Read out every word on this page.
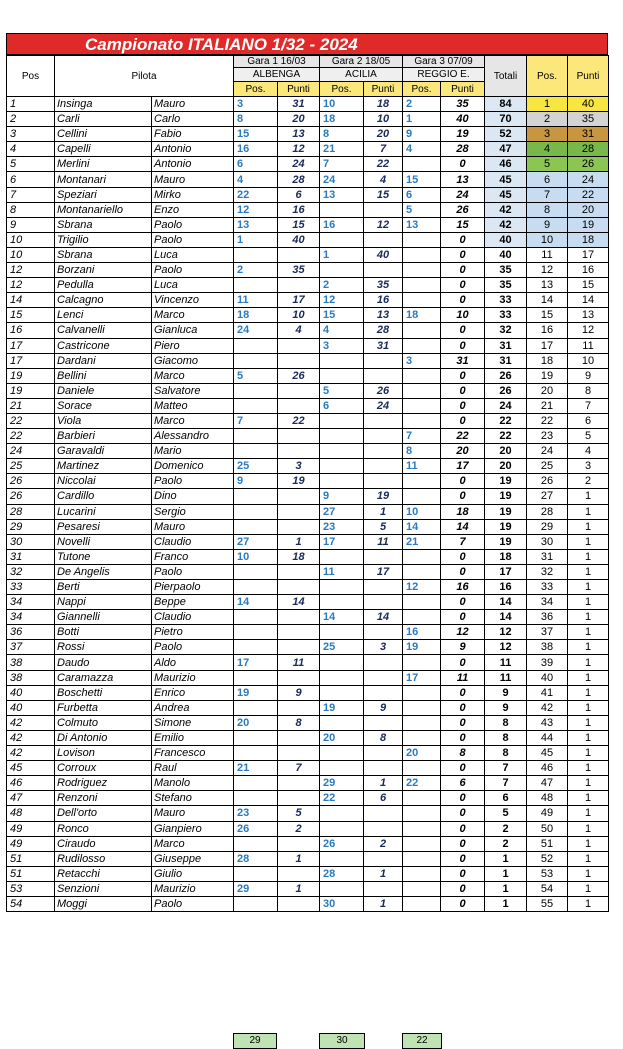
Campionato ITALIANO 1/32 - 2024
Pos	Pilota		Gara 1 16/03		Gara 2 18/05		Gara 3 07/09		Totali	Pos.	Punti
			ALBENGA		ACILIA		REGGIO E.				
			Pos.	Punti	Pos.	Punti	Pos.	Punti			
1	Insinga	Mauro	3	31	10	18	2	35	84	1	40
2	Carli	Carlo	8	20	18	10	1	40	70	2	35
3	Cellini	Fabio	15	13	8	20	9	19	52	3	31
4	Capelli	Antonio	16	12	21	7	4	28	47	4	28
5	Merlini	Antonio	6	24	7	22		0	46	5	26
6	Montanari	Mauro	4	28	24	4	15	13	45	6	24
7	Speziari	Mirko	22	6	13	15	6	24	45	7	22
8	Montanariello	Enzo	12	16			5	26	42	8	20
9	Sbrana	Paolo	13	15	16	12	13	15	42	9	19
10	Trigilio	Paolo	1	40				0	40	10	18
10	Sbrana	Luca			1	40		0	40	11	17
12	Borzani	Paolo	2	35				0	35	12	16
12	Pedulla	Luca			2	35		0	35	13	15
14	Calcagno	Vincenzo	11	17	12	16		0	33	14	14
15	Lenci	Marco	18	10	15	13	18	10	33	15	13
16	Calvanelli	Gianluca	24	4	4	28		0	32	16	12
17	Castricone	Piero			3	31		0	31	17	11
17	Dardani	Giacomo					3	31	31	18	10
19	Bellini	Marco	5	26				0	26	19	9
19	Daniele	Salvatore			5	26		0	26	20	8
21	Sorace	Matteo			6	24		0	24	21	7
22	Viola	Marco	7	22				0	22	22	6
22	Barbieri	Alessandro					7	22	22	23	5
24	Garavaldi	Mario					8	20	20	24	4
25	Martinez	Domenico	25	3			11	17	20	25	3
26	Niccolai	Paolo	9	19				0	19	26	2
26	Cardillo	Dino			9	19		0	19	27	1
28	Lucarini	Sergio			27	1	10	18	19	28	1
29	Pesaresi	Mauro			23	5	14	14	19	29	1
30	Novelli	Claudio	27	1	17	11	21	7	19	30	1
31	Tutone	Franco	10	18				0	18	31	1
32	De Angelis	Paolo			11	17		0	17	32	1
33	Berti	Pierpaolo					12	16	16	33	1
34	Nappi	Beppe	14	14				0	14	34	1
34	Giannelli	Claudio			14	14		0	14	36	1
36	Botti	Pietro					16	12	12	37	1
37	Rossi	Paolo			25	3	19	9	12	38	1
38	Daudo	Aldo	17	11				0	11	39	1
38	Caramazza	Maurizio					17	11	11	40	1
40	Boschetti	Enrico	19	9				0	9	41	1
40	Furbetta	Andrea			19	9		0	9	42	1
42	Colmuto	Simone	20	8				0	8	43	1
42	Di Antonio	Emilio			20	8		0	8	44	1
42	Lovison	Francesco					20	8	8	45	1
45	Corroux	Raul	21	7				0	7	46	1
46	Rodriguez	Manolo			29	1	22	6	7	47	1
47	Renzoni	Stefano			22	6		0	6	48	1
48	Dell'orto	Mauro	23	5				0	5	49	1
49	Ronco	Gianpiero	26	2				0	2	50	1
49	Ciraudo	Marco			26	2		0	2	51	1
51	Rudilosso	Giuseppe	28	1				0	1	52	1
51	Retacchi	Giulio			28	1		0	1	53	1
53	Senzioni	Maurizio	29	1				0	1	54	1
54	Moggi	Paolo			30	1		0	1	55	1
29	30	22
